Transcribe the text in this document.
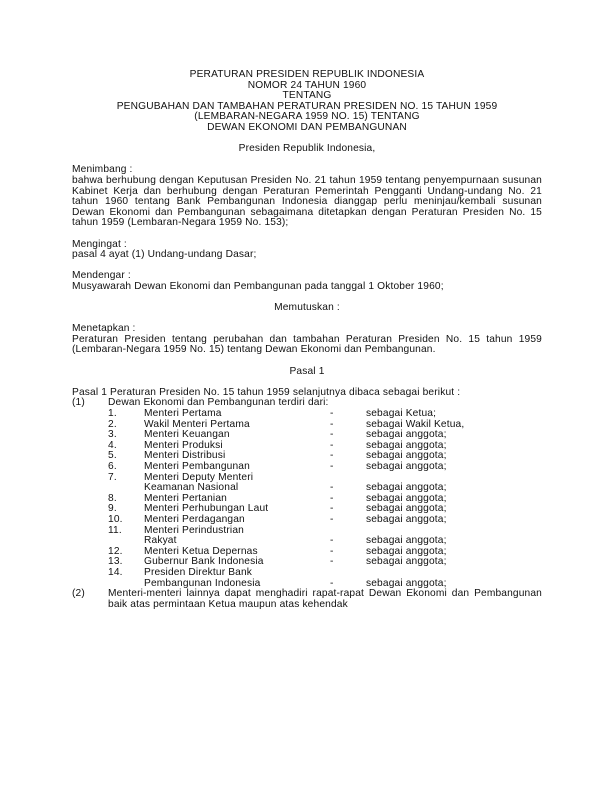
PERATURAN PRESIDEN REPUBLIK INDONESIA
NOMOR 24 TAHUN 1960
TENTANG
PENGUBAHAN DAN TAMBAHAN PERATURAN PRESIDEN NO. 15 TAHUN 1959
(LEMBARAN-NEGARA 1959 NO. 15) TENTANG
DEWAN EKONOMI DAN PEMBANGUNAN
Presiden Republik Indonesia,
Menimbang :
bahwa berhubung dengan Keputusan Presiden No. 21 tahun 1959 tentang penyempurnaan susunan Kabinet Kerja dan berhubung dengan Peraturan Pemerintah Pengganti Undang-undang No. 21 tahun 1960 tentang Bank Pembangunan Indonesia dianggap perlu meninjau/kembali susunan Dewan Ekonomi dan Pembangunan sebagaimana ditetapkan dengan Peraturan Presiden No. 15 tahun 1959 (Lembaran-Negara 1959 No. 153);
Mengingat :
pasal 4 ayat (1) Undang-undang Dasar;
Mendengar :
Musyawarah Dewan Ekonomi dan Pembangunan pada tanggal 1 Oktober 1960;
Memutuskan :
Menetapkan :
Peraturan Presiden tentang perubahan dan tambahan Peraturan Presiden No. 15 tahun 1959 (Lembaran-Negara 1959 No. 15) tentang Dewan Ekonomi dan Pembangunan.
Pasal 1
Pasal 1 Peraturan Presiden No. 15 tahun 1959 selanjutnya dibaca sebagai berikut :
(1)	Dewan Ekonomi dan Pembangunan terdiri dari:
1.	Menteri Pertama	-	sebagai Ketua;
2.	Wakil Menteri Pertama	-	sebagai Wakil Ketua,
3.	Menteri Keuangan	-	sebagai anggota;
4.	Menteri Produksi	-	sebagai anggota;
5.	Menteri Distribusi	-	sebagai anggota;
6.	Menteri Pembangunan	-	sebagai anggota;
7.	Menteri Deputy Menteri
Keamanan Nasional	-	sebagai anggota;
8.	Menteri Pertanian	-	sebagai anggota;
9.	Menteri Perhubungan Laut	-	sebagai anggota;
10.	Menteri Perdagangan	-	sebagai anggota;
11.	Menteri Perindustrian
Rakyat	-	sebagai anggota;
12.	Menteri Ketua Depernas	-	sebagai anggota;
13.	Gubernur Bank Indonesia	-	sebagai anggota;
14.	Presiden Direktur Bank
Pembangunan Indonesia	-	sebagai anggota;
(2)	Menteri-menteri lainnya dapat menghadiri rapat-rapat Dewan Ekonomi dan Pembangunan baik atas permintaan Ketua maupun atas kehendak
